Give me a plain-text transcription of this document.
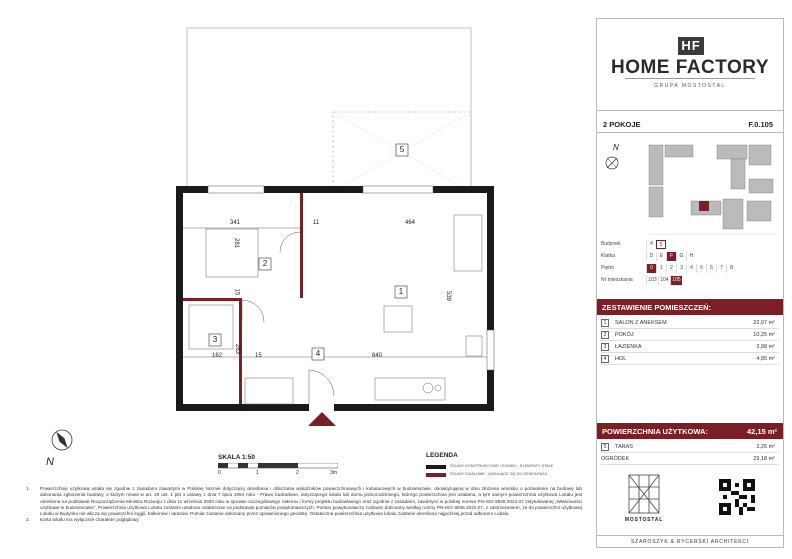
1
2
3
4
5
341	11	464
281
539
15
283
15
162	640
N	SKALA 1:50
0	1	2	3m
LEGENDA
ŚCIANY KONSTRUKCYJNE I KOMINY - ELEMENTY STAŁE
ŚCIANY DZIAŁOWE - NADAJĄCE SIĘ DO DEMONTAŻU
1.	Powierzchnię użytkową ustala się zgodnie z zasadami zawartymi w Polskiej Normie dotyczącej określania i obliczania wskaźników powierzchniowych i kubaturowych w budownictwie, obowiązującej w dniu złożenia wniosku o pozwolenie na budowę lub dokonania zgłoszenia budowy, o którym mowa w art. 29 ust. 1 pkt 1 ustawy z dnia 7 lipca 1994 roku - Prawo budowlane, dotyczącego lokalu lub domu jednorodzinnego, którego powierzchnia jest ustalana, a tym samym powierzchnia użytkowa Lokalu jest określona na podstawie Rozporządzenia Ministra Rozwoju z dnia 11 września 2020 roku w sprawie szczegółowego zakresu i formy projektu budowlanego oraz zgodnie z zasadami, zawartymi w polskiej normie PN-ISO 9836:2022.07 zatytułowanej „Właściwości użytkowe w budownictwie”. Powierzchnia użytkowa Lokalu zostanie ustalona ostatecznie na podstawie pomiarów powykonawczych. Pomiar powykonawczy zostanie dokonany według normy PN-ISO 9836:2022.07, z zastrzeżeniem, że do powierzchni użytkowej Lokalu w Budynku nie wlicza się powierzchni loggii, balkonów i tarasów. Pomiar zostanie dokonany przez uprawnionego geodetę. Ostateczna powierzchnia użytkowa lokalu zostanie określona najpóźniej przed odbiorem Lokalu.
2.	Karta lokalu ma wyłącznie charakter poglądowy.
HF
HOME FACTORY
GRUPA MOSTOSTAL
2 POKOJE	F.0.105
N
Budynek	4	5
Klatka	D	E	F	G	H
Piętro	0	1	2	3	4	5	6	7	8
Nr mieszkania	103 104 105
ZESTAWIENIE POMIESZCZEŃ:
1	SALON Z ANEKSEM	22,97 m²
2	POKÓJ	10,25 m²
3	ŁAZIENKA	3,98 m²
4	HOL	4,95 m²
POWIERZCHNIA UŻYTKOWA:	42,15 m²
5	TARAS	3,26 m²
OGRÓDEK	29,18 m²
MOSTOSTAL
SZAROSZYK & RYCERSKI ARCHITEKCI
